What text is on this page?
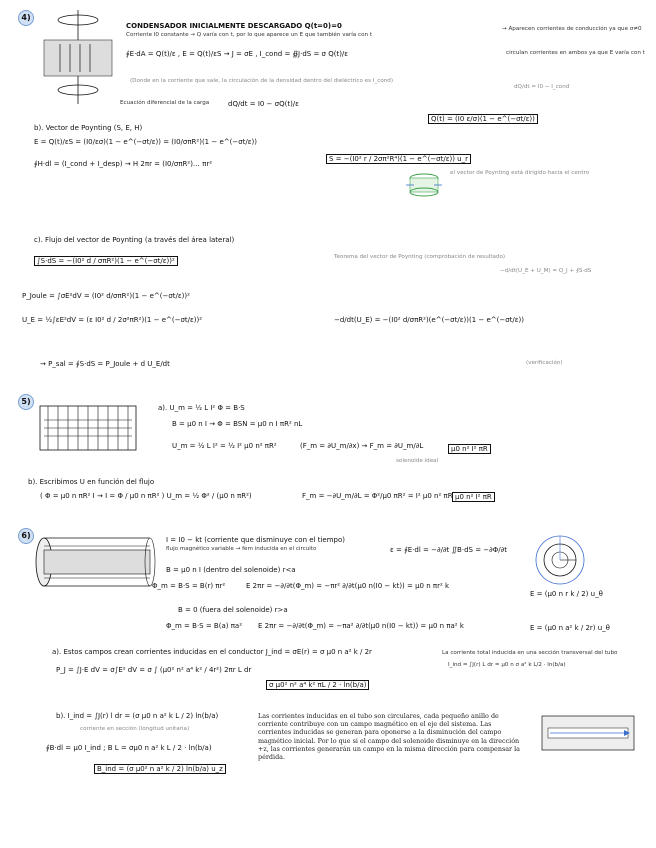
4)
CONDENSADOR INICIALMENTE DESCARGADO Q(t=0)=0
Corriente I0 constante → Q varía con t, por lo que aparece un E que también varía con t
→ Aparecen corrientes de conducción ya que σ≠0
∮E·dA = Q(t)/ε , E = Q(t)/εS → J = σE , I_cond = ∯J·dS = σ Q(t)/ε	circulan corrientes en ambos ya que E varía con t
(Donde en la corriente que sale, la circulación de la densidad dentro del dieléctrico es I_cond)
dQ/dt = I0 − I_cond
Ecuación diferencial de la carga	dQ/dt = I0 − σQ(t)/ε
Q(t) = (I0 ε/σ)(1 − e^(−σt/ε))
b). Vector de Poynting (S, E, H)
E = Q(t)/εS = (I0/εσ)(1 − e^(−σt/ε)) = (I0/σπR²)(1 − e^(−σt/ε))
∮H·dl = (I_cond + I_desp) → H 2πr = (I0/σπR²)… πr²
S = −(I0² r / 2σπ²R⁴)(1 − e^(−σt/ε)) u_r
el vector de Poynting está dirigido hacia el centro
c). Flujo del vector de Poynting (a través del área lateral)
∫S·dS = −(I0² d / σπR²)(1 − e^(−σt/ε))²	Teorema del vector de Poynting (comprobación de resultado)
−d/dt(U_E + U_M) = Q_J + ∮S·dS
P_Joule = ∫σE²dV = (I0² d/σπR²)(1 − e^(−σt/ε))²
U_E = ½∫εE²dV = (ε I0² d / 2σ²πR²)(1 − e^(−σt/ε))²	−d/dt(U_E) = −(I0² d/σπR²)(e^(−σt/ε))(1 − e^(−σt/ε))
→ P_sal = ∮S·dS = P_Joule + d U_E/dt	(verificación)
5)
a). U_m = ½ L I² Φ = B·S
B = μ0 n I → Φ = BSN = μ0 n I πR² nL
U_m = ½ L I² = ½ I² μ0 n² πR²	(F_m = ∂U_m/∂x) → F_m = ∂U_m/∂L	μ0 n² I² πR
solenoide ideal
b). Escribimos U en función del flujo
( Φ = μ0 n πR² I → I = Φ / μ0 n πR² ) U_m = ½ Φ² / (μ0 n πR²)	F_m = −∂U_m/∂L = Φ²/μ0 πR² = I² μ0 n² πR μ0 n² I² πR
6)	I = I0 − kt (corriente que disminuye con el tiempo)
flujo magnético variable → fem inducida en el circuito	ε = ∮E·dl = −∂/∂t ∬B·dS = −∂Φ/∂t
B = μ0 n I (dentro del solenoide) r<a
Φ_m = B·S = B(r) πr²	E 2πr = −∂/∂t(Φ_m) = −πr² ∂/∂t(μ0 n(I0 − kt)) = μ0 n πr² k
E = (μ0 n r k / 2) u_θ
B = 0 (fuera del solenoide) r>a
Φ_m = B·S = B(a) πa² E 2πr = −∂/∂t(Φ_m) = −πa² ∂/∂t(μ0 n(I0 − kt)) = μ0 n πa² k	E = (μ0 n a² k / 2r) u_θ
a). Estos campos crean corrientes inducidas en el conductor J_ind = σE(r) = σ μ0 n a² k / 2r
P_J = ∫J·E dV = σ∫E² dV = σ ∫ (μ0² n² a⁴ k² / 4r²) 2πr L dr
σ μ0² n² a⁴ k² πL / 2 · ln(b/a)
La corriente total inducida en una sección transversal del tubo
I_ind = ∫J(r) L dr = μ0 n σ a² k L/2 · ln(b/a)
b). I_ind = ∫J(r) l dr = (σ μ0 n a² k L / 2) ln(b/a)
corriente en sección (longitud unitaria)
∮B·dl = μ0 I_ind ; B L = σμ0 n a² k L / 2 · ln(b/a)
B_ind = (σ μ0² n a² k / 2) ln(b/a) u_z
Las corrientes inducidas en el tubo son circulares, cada pequeño anillo de corriente contribuye con un campo magnético en el eje del sistema. Las corrientes inducidas se generan para oponerse a la disminución del campo magnético inicial. Por lo que si el campo del solenoide disminuye en la dirección +z, las corrientes generarán un campo en la misma dirección para compensar la pérdida.
